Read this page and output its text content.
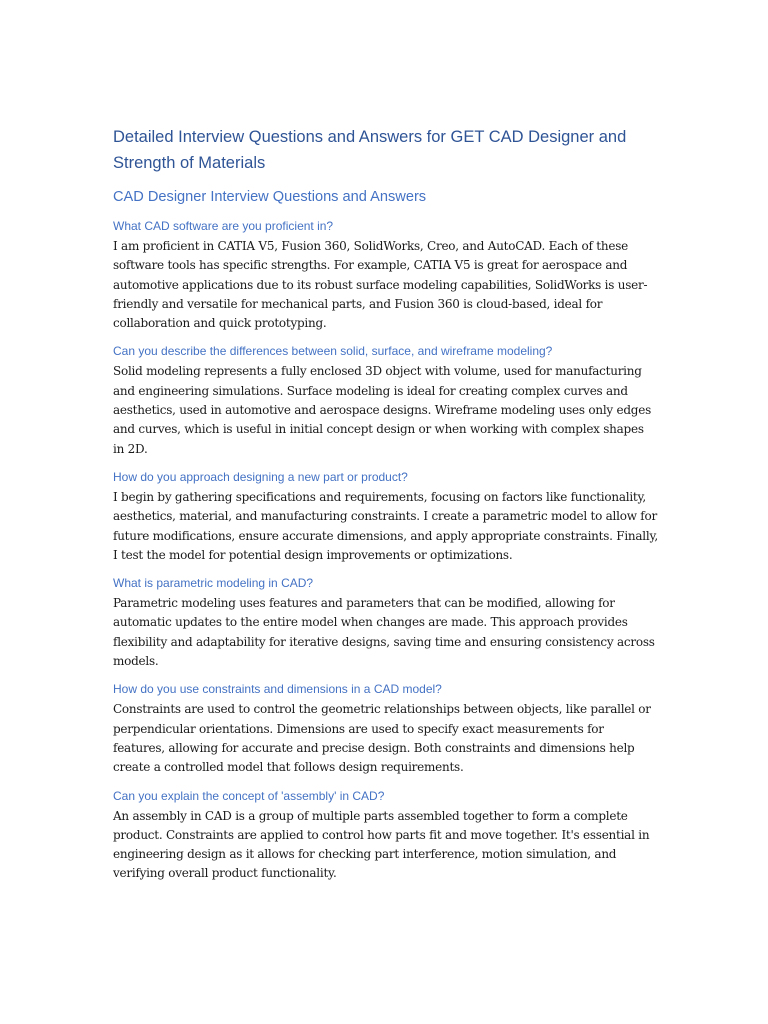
Detailed Interview Questions and Answers for GET CAD Designer and Strength of Materials
CAD Designer Interview Questions and Answers
What CAD software are you proficient in?

I am proficient in CATIA V5, Fusion 360, SolidWorks, Creo, and AutoCAD. Each of these software tools has specific strengths. For example, CATIA V5 is great for aerospace and automotive applications due to its robust surface modeling capabilities, SolidWorks is user-friendly and versatile for mechanical parts, and Fusion 360 is cloud-based, ideal for collaboration and quick prototyping.

Can you describe the differences between solid, surface, and wireframe modeling?

Solid modeling represents a fully enclosed 3D object with volume, used for manufacturing and engineering simulations. Surface modeling is ideal for creating complex curves and aesthetics, used in automotive and aerospace designs. Wireframe modeling uses only edges and curves, which is useful in initial concept design or when working with complex shapes in 2D.

How do you approach designing a new part or product?

I begin by gathering specifications and requirements, focusing on factors like functionality, aesthetics, material, and manufacturing constraints. I create a parametric model to allow for future modifications, ensure accurate dimensions, and apply appropriate constraints. Finally, I test the model for potential design improvements or optimizations.

What is parametric modeling in CAD?

Parametric modeling uses features and parameters that can be modified, allowing for automatic updates to the entire model when changes are made. This approach provides flexibility and adaptability for iterative designs, saving time and ensuring consistency across models.

How do you use constraints and dimensions in a CAD model?

Constraints are used to control the geometric relationships between objects, like parallel or perpendicular orientations. Dimensions are used to specify exact measurements for features, allowing for accurate and precise design. Both constraints and dimensions help create a controlled model that follows design requirements.

Can you explain the concept of 'assembly' in CAD?

An assembly in CAD is a group of multiple parts assembled together to form a complete product. Constraints are applied to control how parts fit and move together. It's essential in engineering design as it allows for checking part interference, motion simulation, and verifying overall product functionality.
